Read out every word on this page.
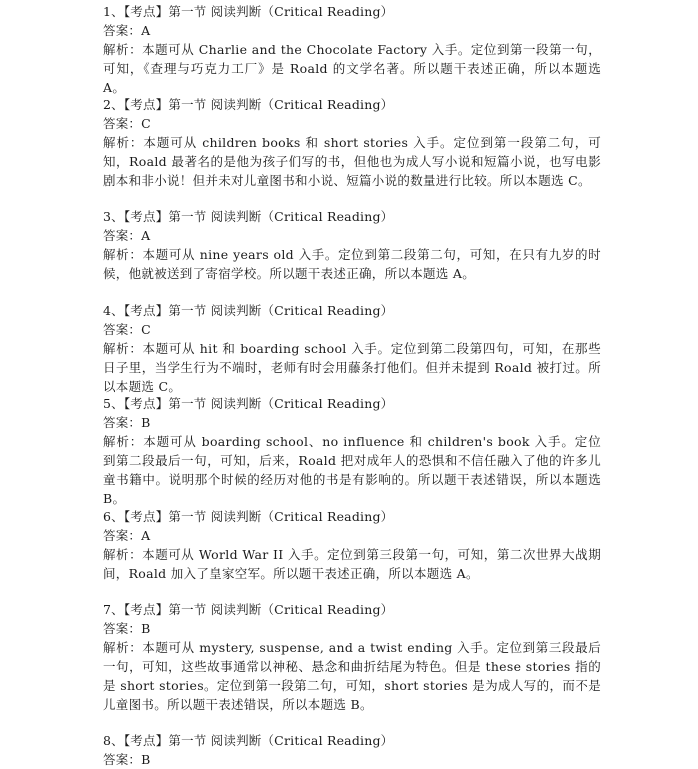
1、【考点】第一节 阅读判断（Critical Reading）
答案：A
解析：本题可从 Charlie and the Chocolate Factory 入手。定位到第一段第一句，可知，《查理与巧克力工厂》是 Roald 的文学名著。所以题干表述正确，所以本题选 A。
2、【考点】第一节 阅读判断（Critical Reading）
答案：C
解析：本题可从 children books 和 short stories 入手。定位到第一段第二句，可知，Roald 最著名的是他为孩子们写的书，但他也为成人写小说和短篇小说，也写电影剧本和非小说！但并未对儿童图书和小说、短篇小说的数量进行比较。所以本题选 C。
3、【考点】第一节 阅读判断（Critical Reading）
答案：A
解析：本题可从 nine years old 入手。定位到第二段第二句，可知，在只有九岁的时候，他就被送到了寄宿学校。所以题干表述正确，所以本题选 A。
4、【考点】第一节 阅读判断（Critical Reading）
答案：C
解析：本题可从 hit 和 boarding school 入手。定位到第二段第四句，可知，在那些日子里，当学生行为不端时，老师有时会用藤条打他们。但并未提到 Roald 被打过。所以本题选 C。
5、【考点】第一节 阅读判断（Critical Reading）
答案：B
解析：本题可从 boarding school、no influence 和 children's book 入手。定位到第二段最后一句，可知，后来，Roald 把对成年人的恐惧和不信任融入了他的许多儿童书籍中。说明那个时候的经历对他的书是有影响的。所以题干表述错误，所以本题选 B。
6、【考点】第一节 阅读判断（Critical Reading）
答案：A
解析：本题可从 World War II 入手。定位到第三段第一句，可知，第二次世界大战期间，Roald 加入了皇家空军。所以题干表述正确，所以本题选 A。
7、【考点】第一节 阅读判断（Critical Reading）
答案：B
解析：本题可从 mystery, suspense, and a twist ending 入手。定位到第三段最后一句，可知，这些故事通常以神秘、悬念和曲折结尾为特色。但是 these stories 指的是 short stories。定位到第一段第二句，可知，short stories 是为成人写的，而不是儿童图书。所以题干表述错误，所以本题选 B。
8、【考点】第一节 阅读判断（Critical Reading）
答案：B
